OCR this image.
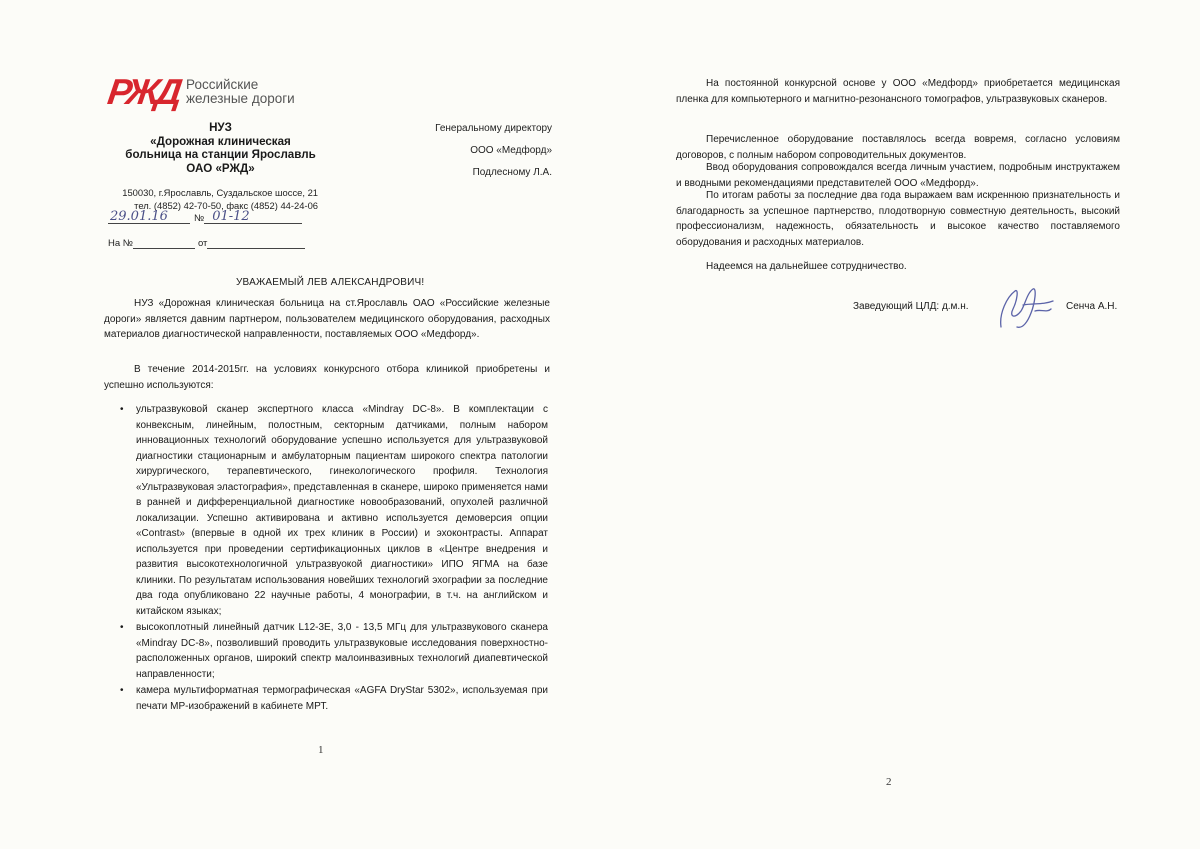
РЖД Российские
железные дороги
НУЗ
«Дорожная клиническая
больница на станции Ярославль
ОАО «РЖД»
150030, г.Ярославль, Суздальское шоссе, 21
тел. (4852) 42-70-50, факс (4852) 44-24-06
29.01.16	№ 01-12
На №	от
Генеральному директору
ООО «Медфорд»
Подлесному Л.А.
УВАЖАЕМЫЙ ЛЕВ АЛЕКСАНДРОВИЧ!
НУЗ «Дорожная клиническая больница на ст.Ярославль ОАО «Российские железные дороги» является давним партнером, пользователем медицинского оборудования, расходных материалов диагностической направленности, поставляемых ООО «Медфорд».
В течение 2014-2015гг. на условиях конкурсного отбора клиникой приобретены и успешно используются:
• ультразвуковой сканер экспертного класса «Mindray DC-8». В комплектации с конвексным, линейным, полостным, секторным датчиками, полным набором инновационных технологий оборудование успешно используется для ультразвуковой диагностики стационарным и амбулаторным пациентам широкого спектра патологии хирургического, терапевтического, гинекологического профиля. Технология «Ультразвуковая эластография», представленная в сканере, широко применяется нами в ранней и дифференциальной диагностике новообразований, опухолей различной локализации. Успешно активирована и активно используется демоверсия опции «Contrast» (впервые в одной их трех клиник в России) и эхоконтрасты. Аппарат используется при проведении сертификационных циклов в «Центре внедрения и развития высокотехнологичной ультразвуокой диагностики» ИПО ЯГМА на базе клиники. По результатам использования новейших технологий эхографии за последние два года опубликовано 22 научные работы, 4 монографии, в т.ч. на английском и китайском языках;
• высокоплотный линейный датчик L12-3E, 3,0 - 13,5 МГц для ультразвукового сканера «Mindray DC-8», позволивший проводить ультразвуковые исследования поверхностно-расположенных органов, широкий спектр малоинвазивных технологий диапевтической направленности;
• камера мультиформатная термографическая «AGFA DryStar 5302», используемая при печати МР-изображений в кабинете МРТ.
1
На постоянной конкурсной основе у ООО «Медфорд» приобретается медицинская пленка для компьютерного и магнитно-резонансного томографов, ультразвуковых сканеров.
Перечисленное оборудование поставлялось всегда вовремя, согласно условиям договоров, с полным набором сопроводительных документов.
Ввод оборудования сопровождался всегда личным участием, подробным инструктажем и вводными рекомендациями представителей ООО «Медфорд».
По итогам работы за последние два года выражаем вам искреннюю признательность и благодарность за успешное партнерство, плодотворную совместную деятельность, высокий профессионализм, надежность, обязательность и высокое качество поставляемого оборудования и расходных материалов.
Надеемся на дальнейшее сотрудничество.
2
Заведующий ЦЛД: д.м.н.	Сенча А.Н.
